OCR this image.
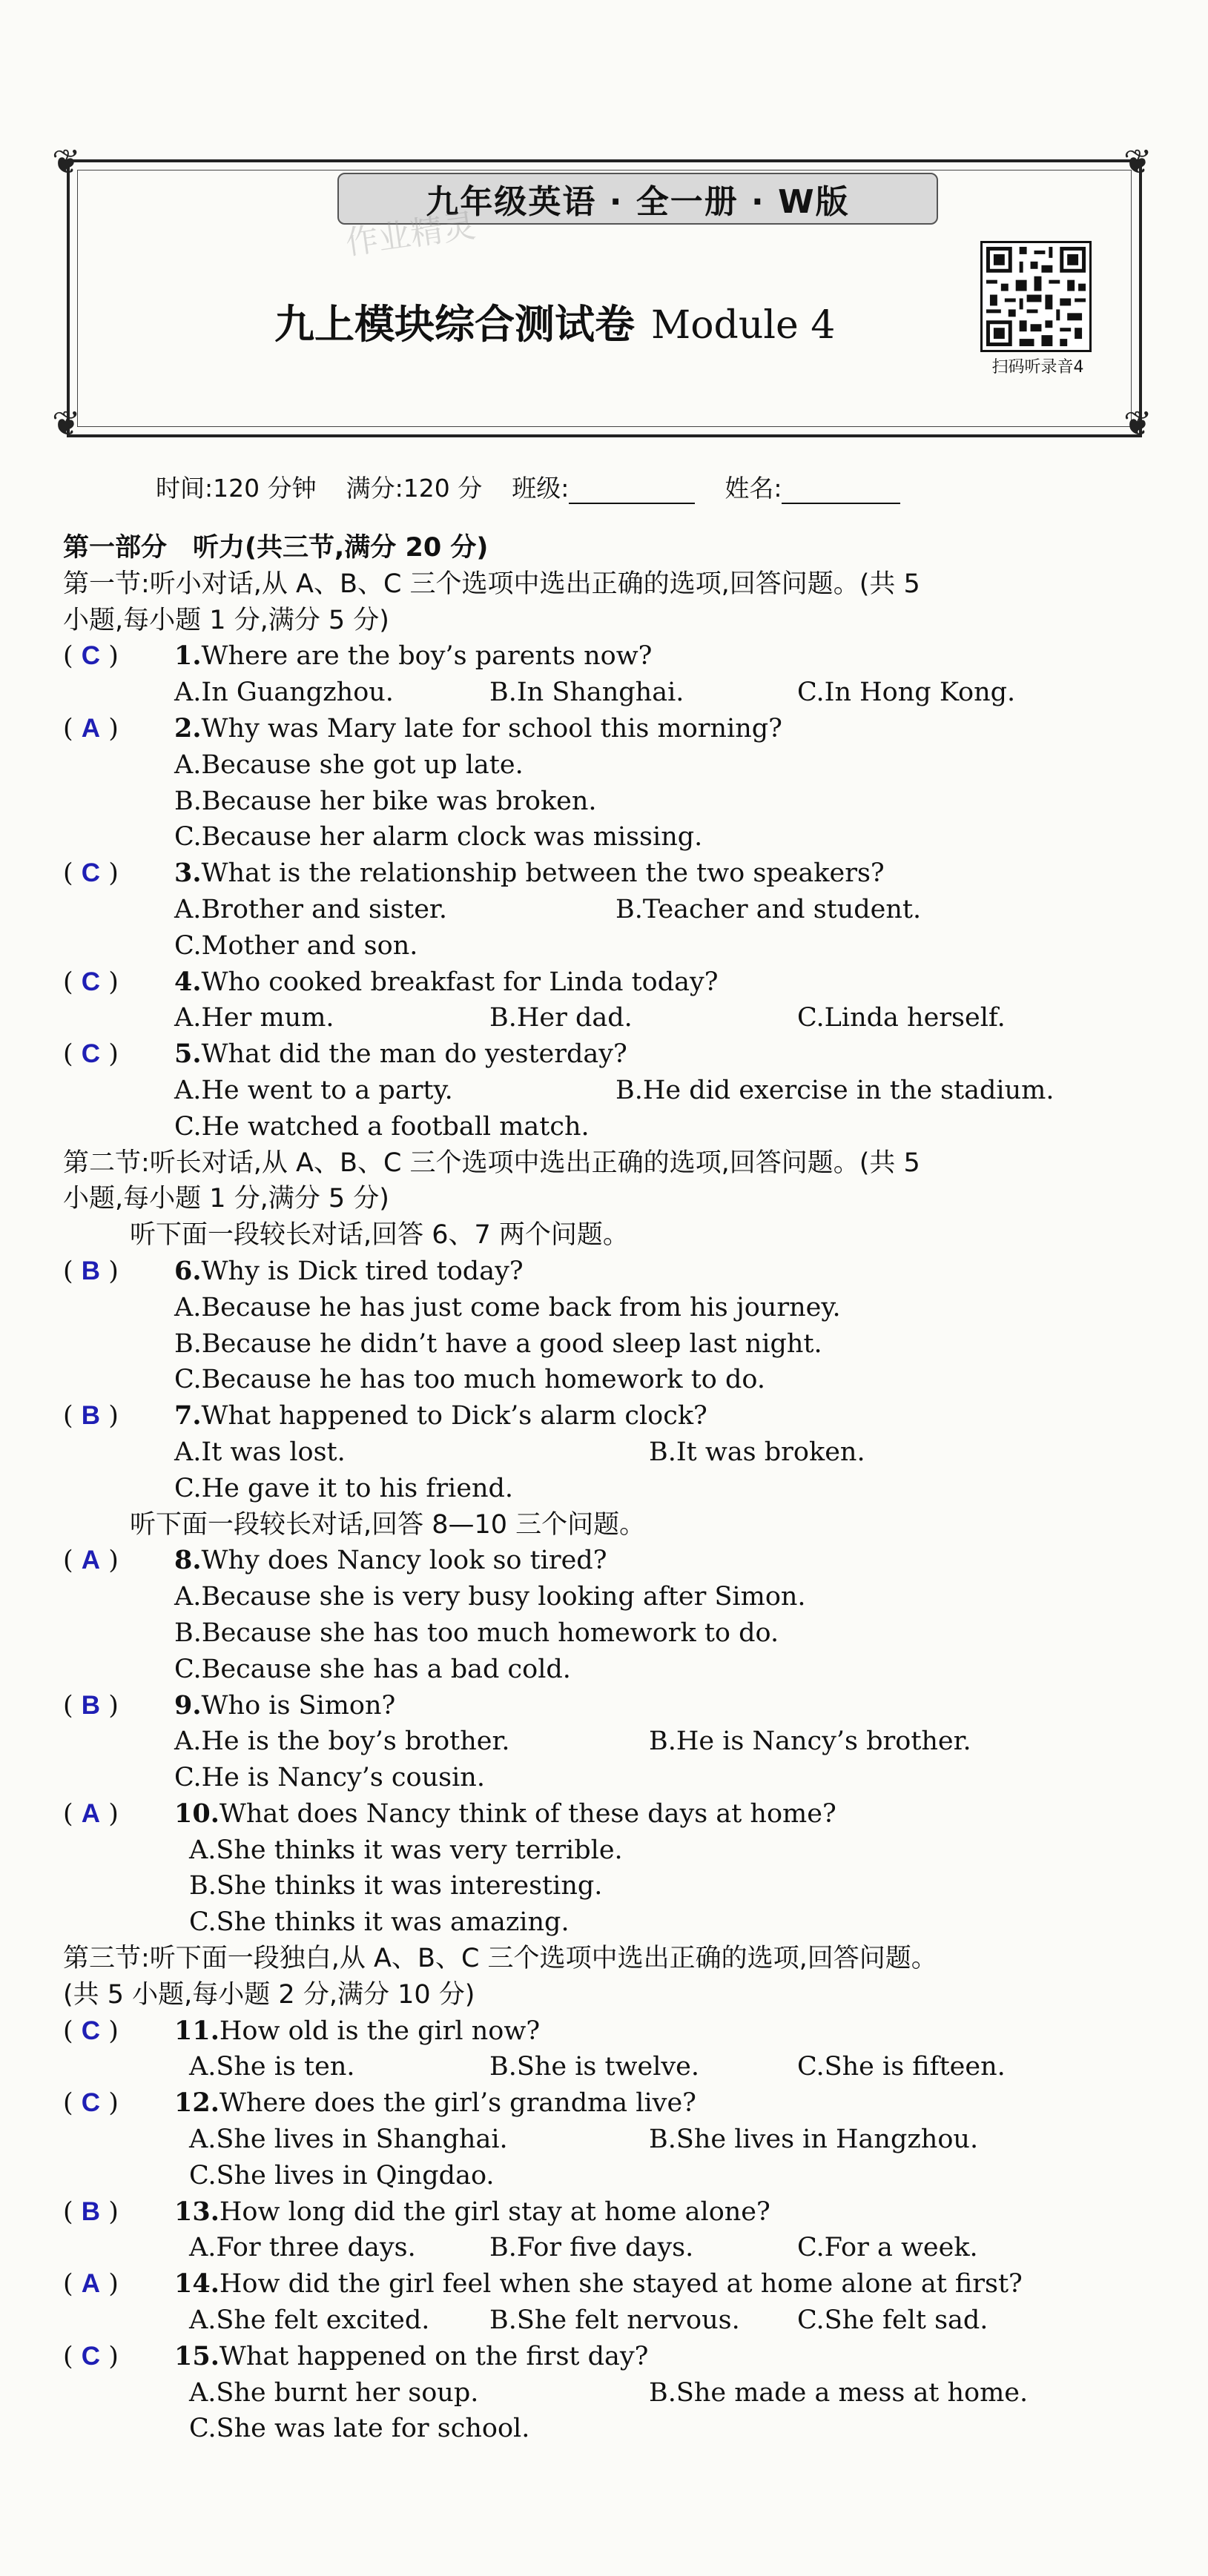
❦	❦
❦	❦
九年级英语 · 全一册 · W版
作业精灵
九上模块综合测试卷 Module 4
扫码听录音4
时间:120 分钟 满分:120 分 班级:	姓名:
第一部分　听力(共三节,满分 20 分)
第一节:听小对话,从 A、B、C 三个选项中选出正确的选项,回答问题。(共 5
小题,每小题 1 分,满分 5 分)
( C ) 1.Where are the boy’s parents now?
A.In Guangzhou.	B.In Shanghai.	C.In Hong Kong.
( A ) 2.Why was Mary late for school this morning?
A.Because she got up late.
B.Because her bike was broken.
C.Because her alarm clock was missing.
( C ) 3.What is the relationship between the two speakers?
A.Brother and sister.	B.Teacher and student.
C.Mother and son.
( C ) 4.Who cooked breakfast for Linda today?
A.Her mum.	B.Her dad.	C.Linda herself.
( C ) 5.What did the man do yesterday?
A.He went to a party.	B.He did exercise in the stadium.
C.He watched a football match.
第二节:听长对话,从 A、B、C 三个选项中选出正确的选项,回答问题。(共 5
小题,每小题 1 分,满分 5 分)
听下面一段较长对话,回答 6、7 两个问题。
( B ) 6.Why is Dick tired today?
A.Because he has just come back from his journey.
B.Because he didn’t have a good sleep last night.
C.Because he has too much homework to do.
( B ) 7.What happened to Dick’s alarm clock?
A.It was lost.	B.It was broken.
C.He gave it to his friend.
听下面一段较长对话,回答 8—10 三个问题。
( A ) 8.Why does Nancy look so tired?
A.Because she is very busy looking after Simon.
B.Because she has too much homework to do.
C.Because she has a bad cold.
( B ) 9.Who is Simon?
A.He is the boy’s brother.	B.He is Nancy’s brother.
C.He is Nancy’s cousin.
( A ) 10.What does Nancy think of these days at home?
A.She thinks it was very terrible.
B.She thinks it was interesting.
C.She thinks it was amazing.
第三节:听下面一段独白,从 A、B、C 三个选项中选出正确的选项,回答问题。
(共 5 小题,每小题 2 分,满分 10 分)
( C ) 11.How old is the girl now?
A.She is ten.	B.She is twelve.	C.She is fifteen.
( C ) 12.Where does the girl’s grandma live?
A.She lives in Shanghai.	B.She lives in Hangzhou.
C.She lives in Qingdao.
( B ) 13.How long did the girl stay at home alone?
A.For three days.	B.For five days.	C.For a week.
( A ) 14.How did the girl feel when she stayed at home alone at first?
A.She felt excited. B.She felt nervous. C.She felt sad.
( C ) 15.What happened on the first day?
A.She burnt her soup.	B.She made a mess at home.
C.She was late for school.
